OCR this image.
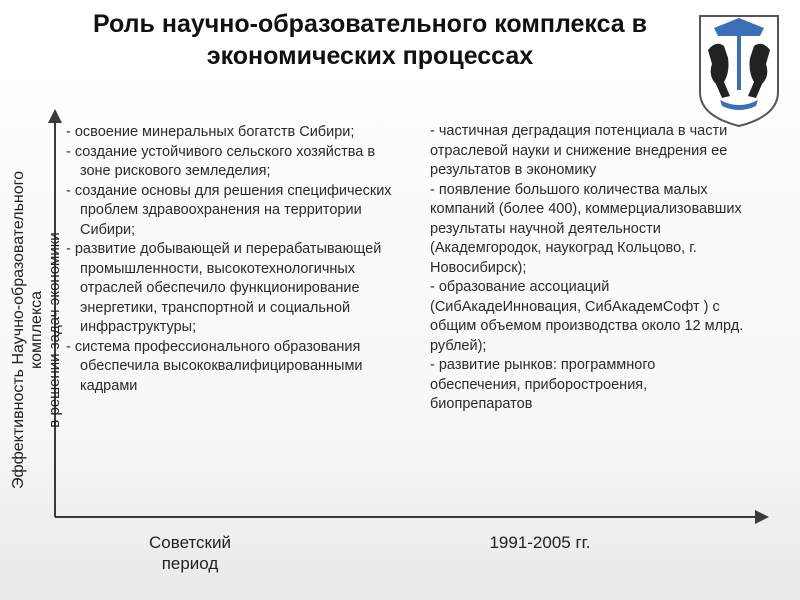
Роль научно-образовательного комплекса в экономических процессах
Эффективность Научно-образовательного комплекса в решении задач экономики

- освоение минеральных богатств Сибири;

- создание устойчивого сельского хозяйства в зоне рискового земледелия;

- создание основы для решения специфических проблем здравоохранения на территории Сибири;

- развитие добывающей и перерабатывающей промышленности, высокотехнологичных отраслей обеспечило функционирование энергетики, транспортной и социальной инфраструктуры;

- система профессионального образования обеспечила высококвалифицированными кадрами

- частичная деградация потенциала в части отраслевой науки и снижение внедрения ее результатов в экономику

- появление большого количества малых компаний (более 400), коммерциализовавших результаты научной деятельности (Академгородок, наукоград Кольцово, г. Новосибирск);

- образование ассоциаций (СибАкадеИнновация, СибАкадемСофт ) с общим объемом производства около 12 млрд. рублей);

- развитие рынков: программного обеспечения, приборостроения, биопрепаратов

Советский
период
1991-2005 гг.
